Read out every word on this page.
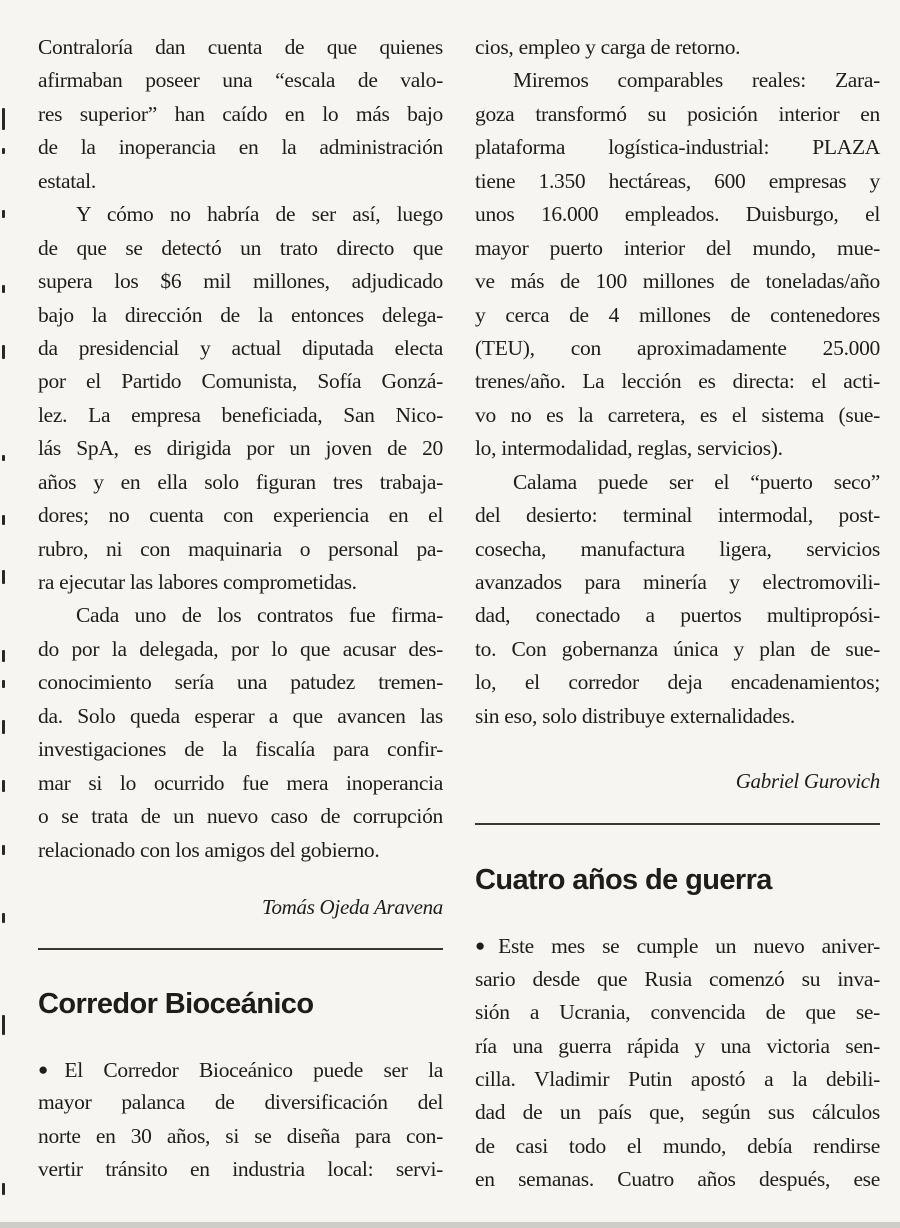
Contraloría dan cuenta de que quienes
afirmaban poseer una “escala de valo-
res superior” han caído en lo más bajo
de la inoperancia en la administración
estatal.
Y cómo no habría de ser así, luego
de que se detectó un trato directo que
supera los $6 mil millones, adjudicado
bajo la dirección de la entonces delega-
da presidencial y actual diputada electa
por el Partido Comunista, Sofía Gonzá-
lez. La empresa beneficiada, San Nico-
lás SpA, es dirigida por un joven de 20
años y en ella solo figuran tres trabaja-
dores; no cuenta con experiencia en el
rubro, ni con maquinaria o personal pa-
ra ejecutar las labores comprometidas.
Cada uno de los contratos fue firma-
do por la delegada, por lo que acusar des-
conocimiento sería una patudez tremen-
da. Solo queda esperar a que avancen las
investigaciones de la fiscalía para confir-
mar si lo ocurrido fue mera inoperancia
o se trata de un nuevo caso de corrupción
relacionado con los amigos del gobierno.
Tomás Ojeda Aravena
Corredor Bioceánico
●El Corredor Bioceánico puede ser la
mayor palanca de diversificación del
norte en 30 años, si se diseña para con-
vertir tránsito en industria local: servi-
cios, empleo y carga de retorno.
Miremos comparables reales: Zara-
goza transformó su posición interior en
plataforma logística-industrial: PLAZA
tiene 1.350 hectáreas, 600 empresas y
unos 16.000 empleados. Duisburgo, el
mayor puerto interior del mundo, mue-
ve más de 100 millones de toneladas/año
y cerca de 4 millones de contenedores
(TEU), con aproximadamente 25.000
trenes/año. La lección es directa: el acti-
vo no es la carretera, es el sistema (sue-
lo, intermodalidad, reglas, servicios).
Calama puede ser el “puerto seco”
del desierto: terminal intermodal, post-
cosecha, manufactura ligera, servicios
avanzados para minería y electromovili-
dad, conectado a puertos multipropósi-
to. Con gobernanza única y plan de sue-
lo, el corredor deja encadenamientos;
sin eso, solo distribuye externalidades.
Gabriel Gurovich
Cuatro años de guerra
●Este mes se cumple un nuevo aniver-
sario desde que Rusia comenzó su inva-
sión a Ucrania, convencida de que se-
ría una guerra rápida y una victoria sen-
cilla. Vladimir Putin apostó a la debili-
dad de un país que, según sus cálculos
de casi todo el mundo, debía rendirse
en semanas. Cuatro años después, ese
